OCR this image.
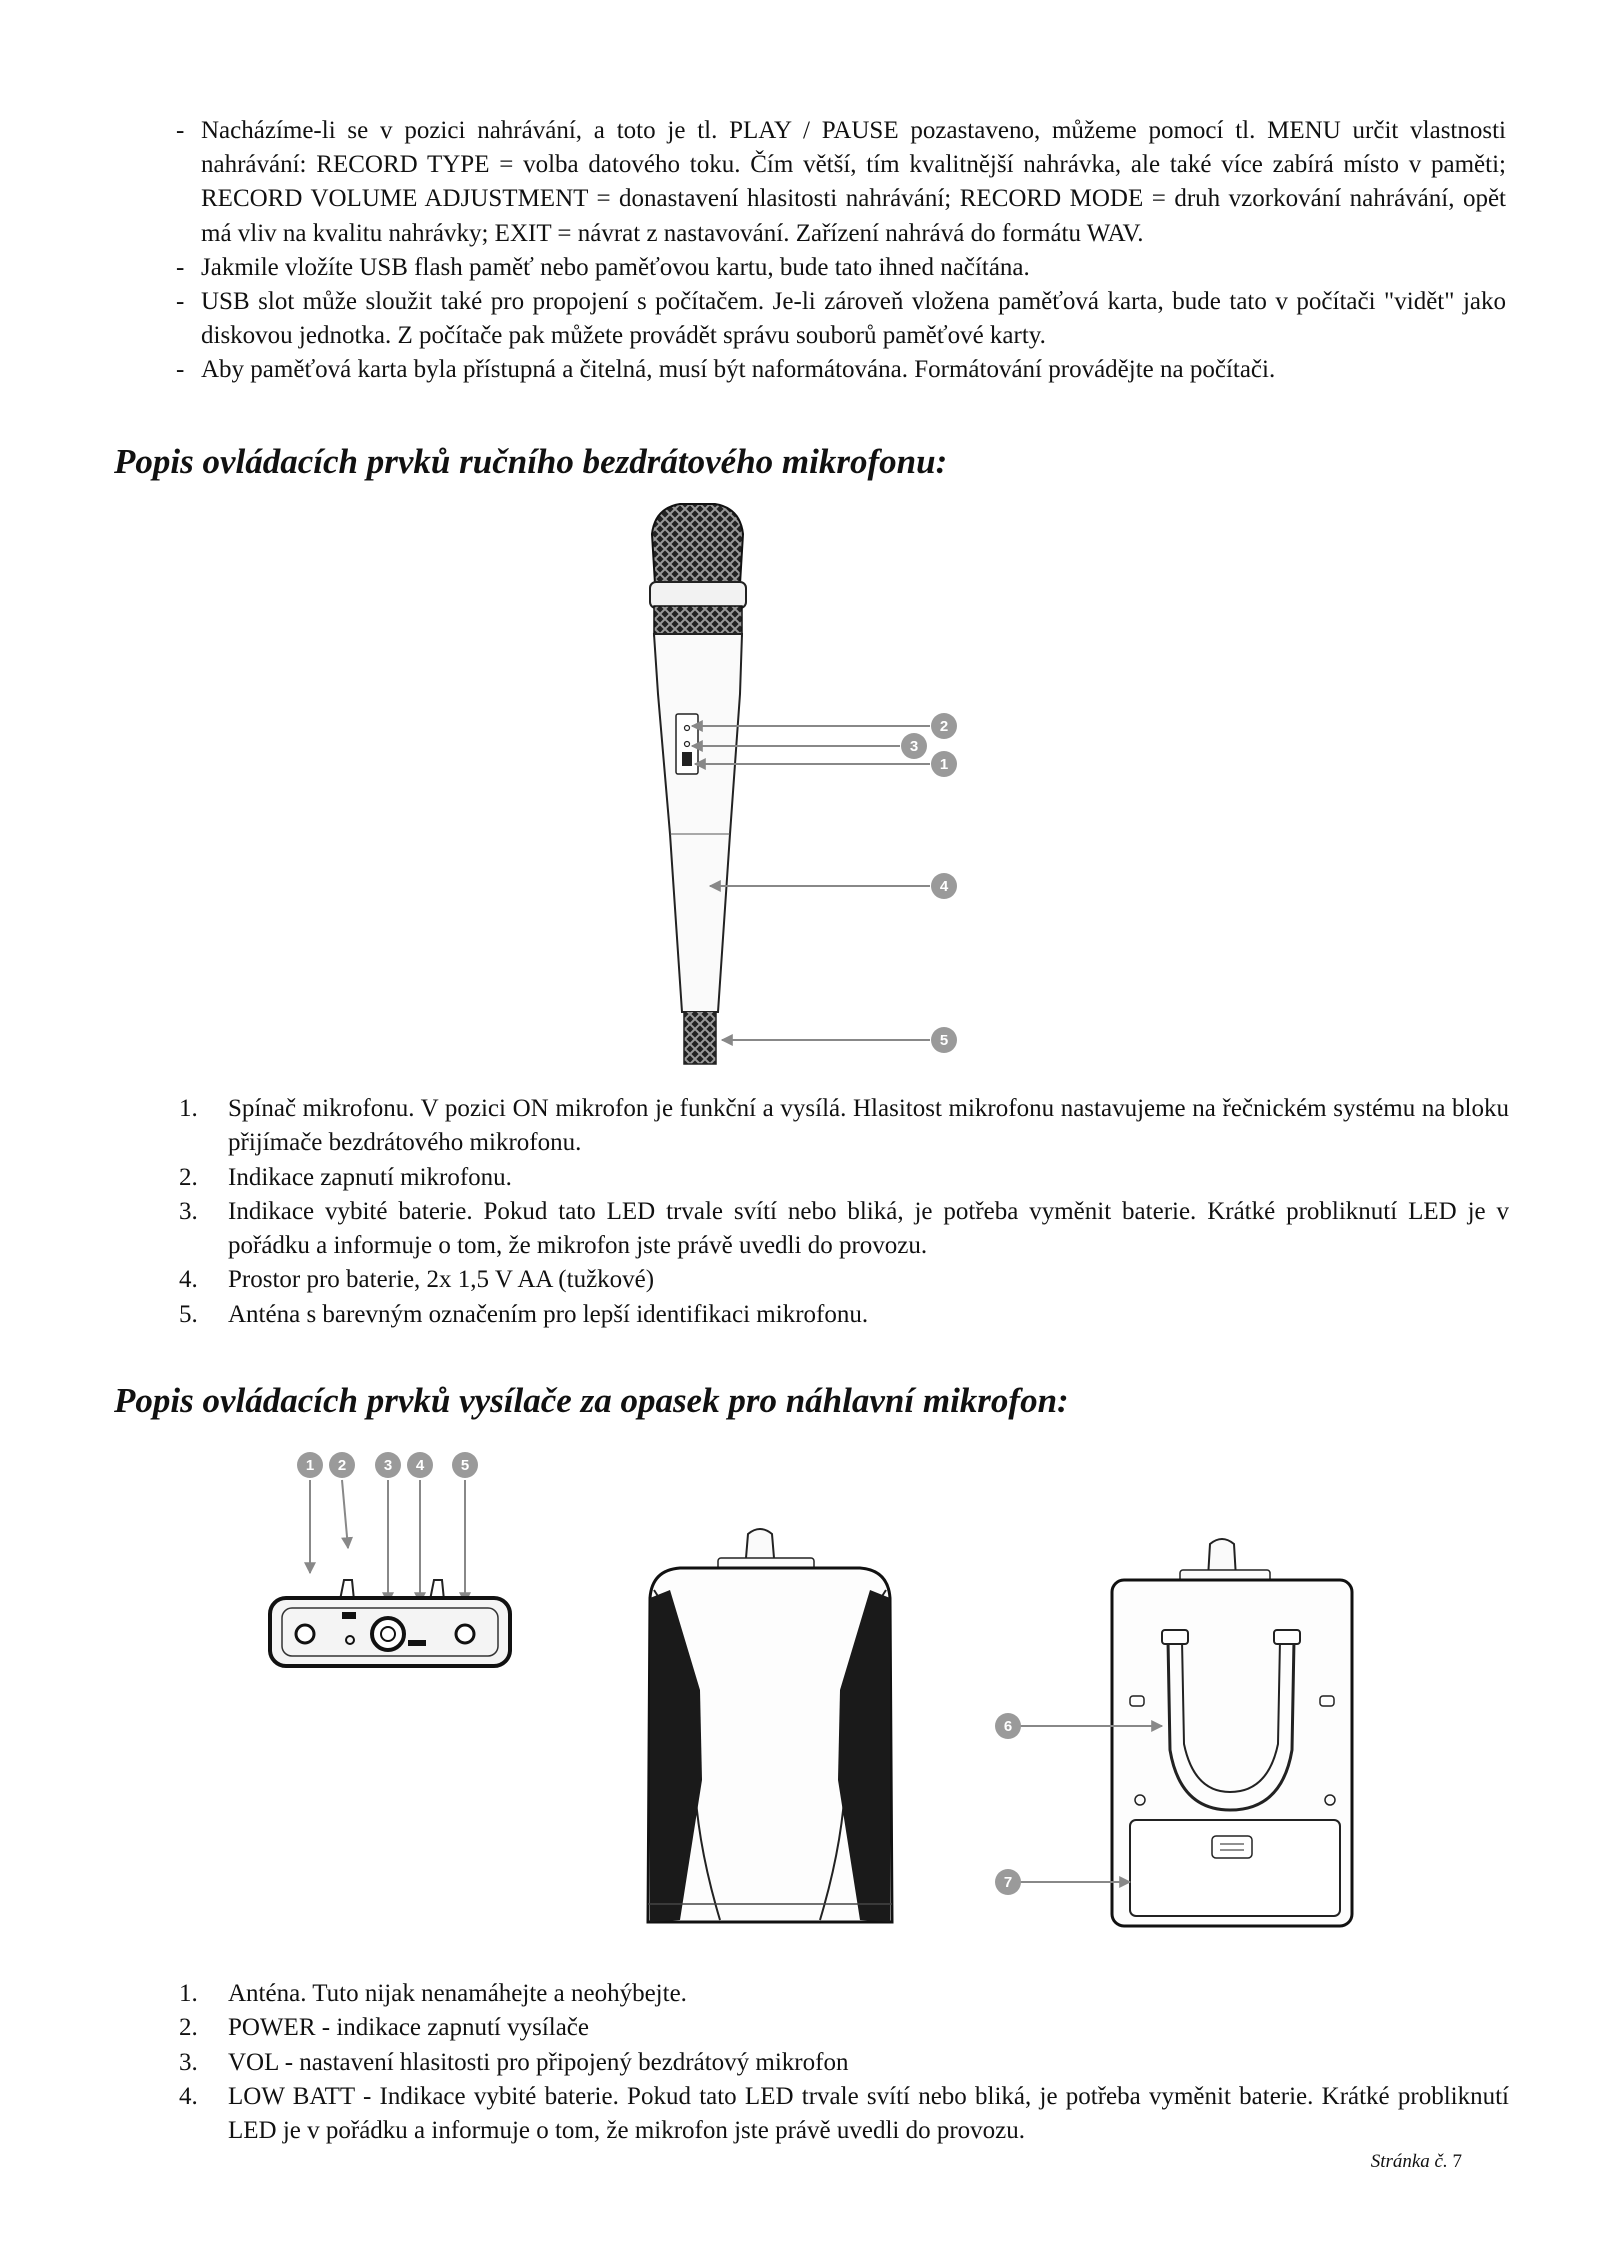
- Nacházíme-li se v pozici nahrávání, a toto je tl. PLAY / PAUSE pozastaveno, můžeme pomocí tl. MENU určit vlastnosti nahrávání: RECORD TYPE = volba datového toku. Čím větší, tím kvalitnější nahrávka, ale také více zabírá místo v paměti; RECORD VOLUME ADJUSTMENT = donastavení hlasitosti nahrávání; RECORD MODE = druh vzorkování nahrávání, opět má vliv na kvalitu nahrávky; EXIT = návrat z nastavování. Zařízení nahrává do formátu WAV.
- Jakmile vložíte USB flash paměť nebo paměťovou kartu, bude tato ihned načítána.
- USB slot může sloužit také pro propojení s počítačem. Je-li zároveň vložena paměťová karta, bude tato v počítači "vidět" jako diskovou jednotka. Z počítače pak můžete provádět správu souborů paměťové karty.
- Aby paměťová karta byla přístupná a čitelná, musí být naformátována. Formátování provádějte na počítači.
Popis ovládacích prvků ručního bezdrátového mikrofonu:
2
3
1
4
5
1. Spínač mikrofonu. V pozici ON mikrofon je funkční a vysílá. Hlasitost mikrofonu nastavujeme na řečnickém systému na bloku přijímače bezdrátového mikrofonu.
2. Indikace zapnutí mikrofonu.
3. Indikace vybité baterie. Pokud tato LED trvale svítí nebo bliká, je potřeba vyměnit baterie. Krátké probliknutí LED je v pořádku a informuje o tom, že mikrofon jste právě uvedli do provozu.
4. Prostor pro baterie, 2x 1,5 V AA (tužkové)
5. Anténa s barevným označením pro lepší identifikaci mikrofonu.
Popis ovládacích prvků vysílače za opasek pro náhlavní mikrofon:
1 2	3 4 5
6
7
1. Anténa. Tuto nijak nenamáhejte a neohýbejte.
2. POWER - indikace zapnutí vysílače
3. VOL - nastavení hlasitosti pro připojený bezdrátový mikrofon
4. LOW BATT - Indikace vybité baterie. Pokud tato LED trvale svítí nebo bliká, je potřeba vyměnit baterie. Krátké probliknutí LED je v pořádku a informuje o tom, že mikrofon jste právě uvedli do provozu.
Stránka č. 7
